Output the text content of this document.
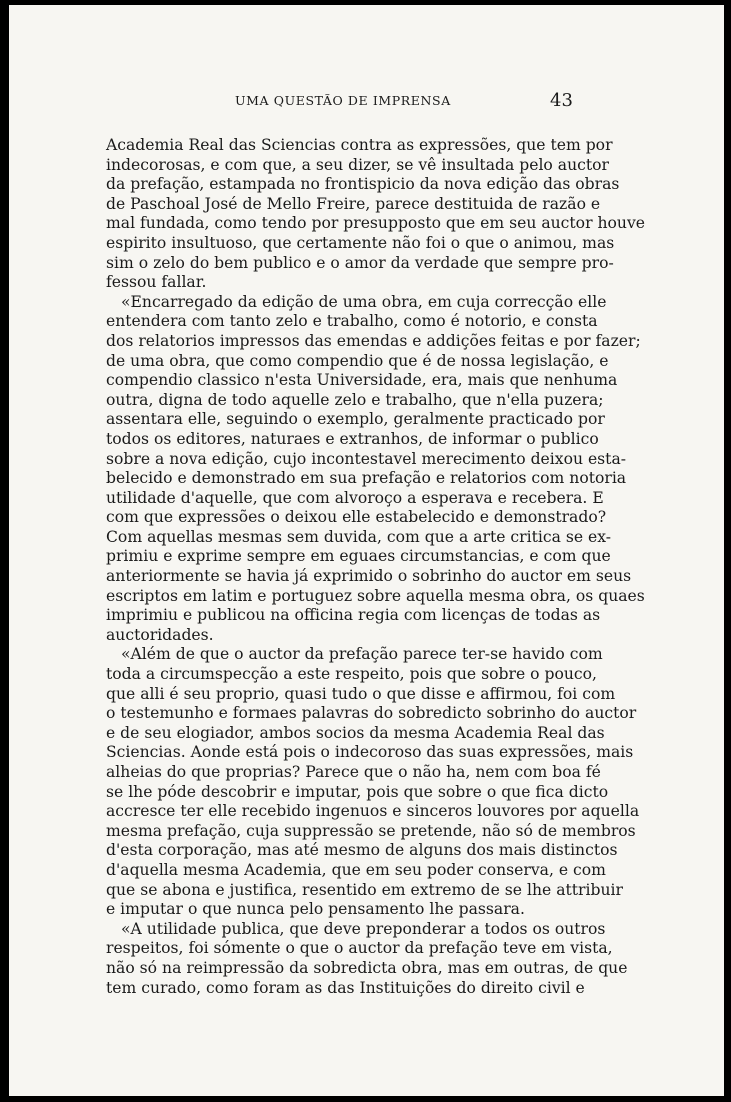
UMA QUESTÃO DE IMPRENSA	43
Academia Real das Sciencias contra as expressões, que tem por
indecorosas, e com que, a seu dizer, se vê insultada pelo auctor
da prefação, estampada no frontispicio da nova edição das obras
de Paschoal José de Mello Freire, parece destituida de razão e
mal fundada, como tendo por presupposto que em seu auctor houve
espirito insultuoso, que certamente não foi o que o animou, mas
sim o zelo do bem publico e o amor da verdade que sempre pro-
fessou fallar.
«Encarregado da edição de uma obra, em cuja correcção elle
entendera com tanto zelo e trabalho, como é notorio, e consta
dos relatorios impressos das emendas e addições feitas e por fazer;
de uma obra, que como compendio que é de nossa legislação, e
compendio classico n'esta Universidade, era, mais que nenhuma
outra, digna de todo aquelle zelo e trabalho, que n'ella puzera;
assentara elle, seguindo o exemplo, geralmente practicado por
todos os editores, naturaes e extranhos, de informar o publico
sobre a nova edição, cujo incontestavel merecimento deixou esta-
belecido e demonstrado em sua prefação e relatorios com notoria
utilidade d'aquelle, que com alvoroço a esperava e recebera. E
com que expressões o deixou elle estabelecido e demonstrado?
Com aquellas mesmas sem duvida, com que a arte critica se ex-
primiu e exprime sempre em eguaes circumstancias, e com que
anteriormente se havia já exprimido o sobrinho do auctor em seus
escriptos em latim e portuguez sobre aquella mesma obra, os quaes
imprimiu e publicou na officina regia com licenças de todas as
auctoridades.
«Além de que o auctor da prefação parece ter-se havido com
toda a circumspecção a este respeito, pois que sobre o pouco,
que alli é seu proprio, quasi tudo o que disse e affirmou, foi com
o testemunho e formaes palavras do sobredicto sobrinho do auctor
e de seu elogiador, ambos socios da mesma Academia Real das
Sciencias. Aonde está pois o indecoroso das suas expressões, mais
alheias do que proprias? Parece que o não ha, nem com boa fé
se lhe póde descobrir e imputar, pois que sobre o que fica dicto
accresce ter elle recebido ingenuos e sinceros louvores por aquella
mesma prefação, cuja suppressão se pretende, não só de membros
d'esta corporação, mas até mesmo de alguns dos mais distinctos
d'aquella mesma Academia, que em seu poder conserva, e com
que se abona e justifica, resentido em extremo de se lhe attribuir
e imputar o que nunca pelo pensamento lhe passara.
«A utilidade publica, que deve preponderar a todos os outros
respeitos, foi sómente o que o auctor da prefação teve em vista,
não só na reimpressão da sobredicta obra, mas em outras, de que
tem curado, como foram as das Instituições do direito civil e
